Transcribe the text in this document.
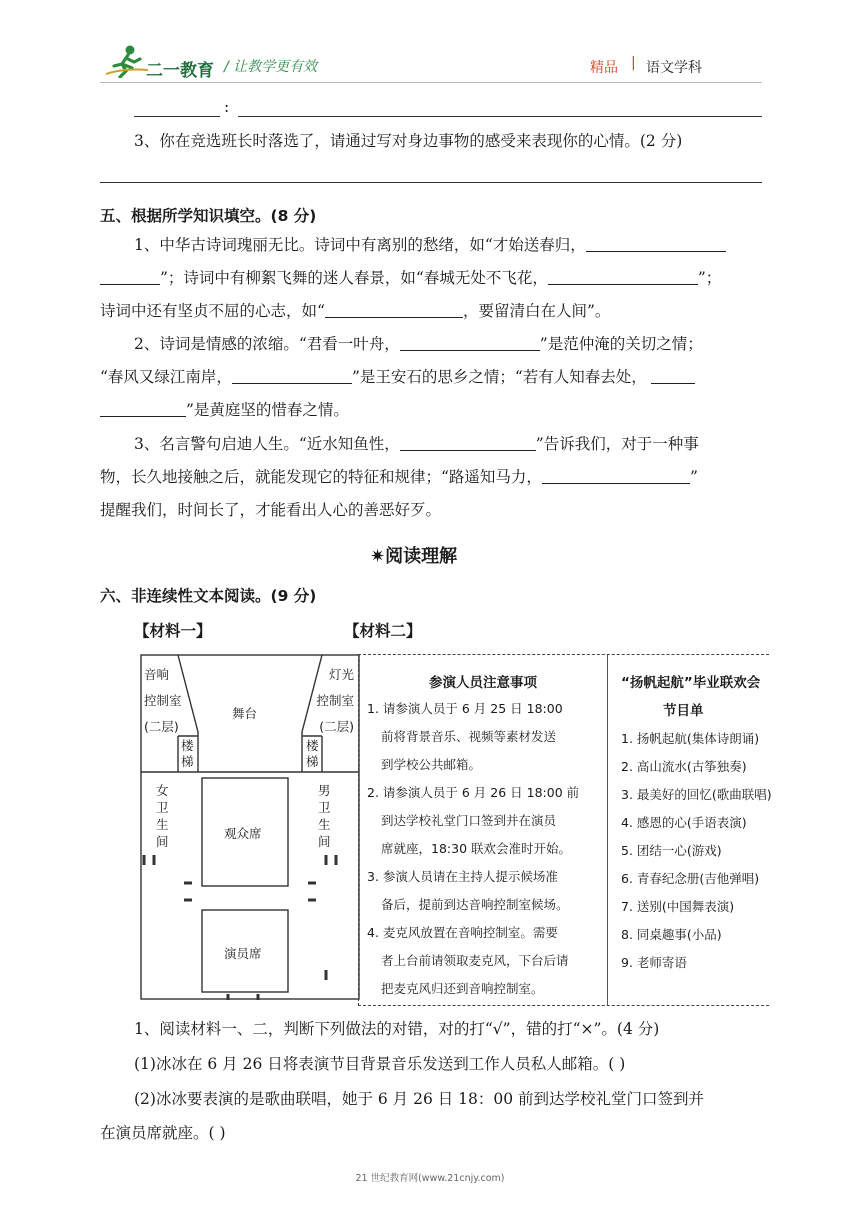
二一教育 / 让教学更有效	精品 | 语文学科
:
3、你在竞选班长时落选了，请通过写对身边事物的感受来表现你的心情。(2 分)
五、根据所学知识填空。(8 分)
1、中华古诗词瑰丽无比。诗词中有离别的愁绪，如“才始送春归，
”；诗词中有柳絮飞舞的迷人春景，如“春城无处不飞花，	”；
诗词中还有坚贞不屈的心志，如“	，要留清白在人间”。
2、诗词是情感的浓缩。“君看一叶舟，	”是范仲淹的关切之情；
“春风又绿江南岸，	”是王安石的思乡之情；“若有人知春去处，
”是黄庭坚的惜春之情。
3、名言警句启迪人生。“近水知鱼性，	”告诉我们，对于一种事
物，长久地接触之后，就能发现它的特征和规律；“路遥知马力，	”
提醒我们，时间长了，才能看出人心的善恶好歹。
✷阅读理解
六、非连续性文本阅读。(9 分)
【材料一】	【材料二】
音响
控制室
(二层)
舞台
灯光
控制室
(二层)
楼
梯
楼
梯
女
卫
生
间
男
卫
生
间
观众席
演员席
参演人员注意事项
1. 请参演人员于 6 月 25 日 18:00
前将背景音乐、视频等素材发送
到学校公共邮箱。
2. 请参演人员于 6 月 26 日 18:00 前
到达学校礼堂门口签到并在演员
席就座，18:30 联欢会准时开始。
3. 参演人员请在主持人提示候场准
备后，提前到达音响控制室候场。
4. 麦克风放置在音响控制室。需要
者上台前请领取麦克风，下台后请
把麦克风归还到音响控制室。
“扬帆起航”毕业联欢会
节目单
1. 扬帆起航(集体诗朗诵)
2. 高山流水(古筝独奏)
3. 最美好的回忆(歌曲联唱)
4. 感恩的心(手语表演)
5. 团结一心(游戏)
6. 青春纪念册(吉他弹唱)
7. 送别(中国舞表演)
8. 同桌趣事(小品)
9. 老师寄语
1、阅读材料一、二，判断下列做法的对错，对的打“√”，错的打“×”。(4 分)
(1)冰冰在 6 月 26 日将表演节目背景音乐发送到工作人员私人邮箱。( )
(2)冰冰要表演的是歌曲联唱，她于 6 月 26 日 18：00 前到达学校礼堂门口签到并
在演员席就座。( )
21 世纪教育网(www.21cnjy.com)
